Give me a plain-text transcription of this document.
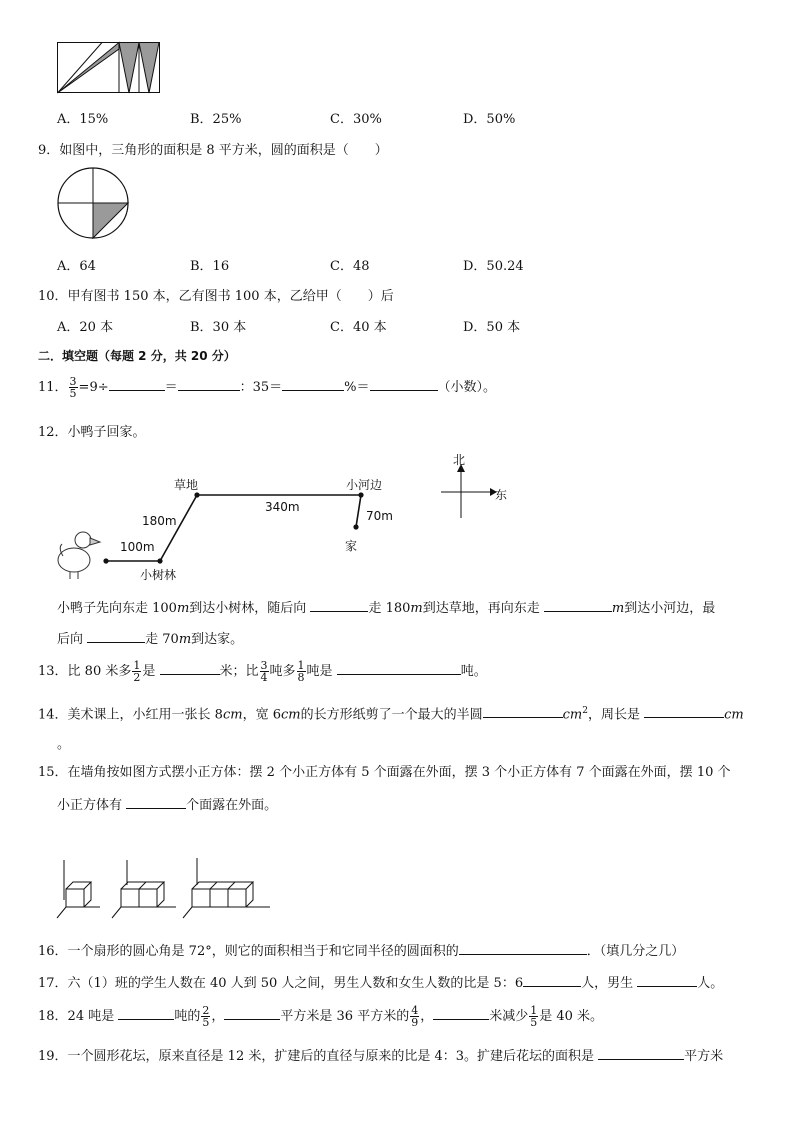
A．15%	B．25%	C．30%	D．50%
9．如图中，三角形的面积是 8 平方米，圆的面积是（　　）
A．64	B．16	C．48	D．50.24
10．甲有图书 150 本，乙有图书 100 本，乙给甲（　　）后
A．20 本	B．30 本	C．40 本	D．50 本
二．填空题（每题 2 分，共 20 分）
11． $\frac{3}{5} =9\div$	＝	：35＝	%＝	（小数）。
12．小鸭子回家。
北
东
草地	小河边
小树林
家
100m
180m
340m
70m
小鸭子先向东走 100m到达小树林，随后向	走 180m到达草地，再向东走	m到达小河边，最
后向	走 70m到达家。
13．比 80 米多 $\frac{1}{2}$ 是	米；比 $\frac{3}{4}$ 吨多 $\frac{1}{8}$ 吨是	吨。
14．美术课上，小红用一张长 8cm，宽 6cm的长方形纸剪了一个最大的半圆	$cm^2$，周长是	cm
。
15．在墙角按如图方式摆小正方体：摆 2 个小正方体有 5 个面露在外面，摆 3 个小正方体有 7 个面露在外面，摆 10 个
小正方体有	个面露在外面。
16．一个扇形的圆心角是 72°，则它的面积相当于和它同半径的圆面积的	．（填几分之几）
17．六（1）班的学生人数在 40 人到 50 人之间，男生人数和女生人数的比是 5：6	人，男生	人。
18．24 吨是	吨的 $\frac{2}{5}$ ，	平方米是 36 平方米的 $\frac{4}{9}$ ，	米减少 $\frac{1}{5}$ 是 40 米。
19．一个圆形花坛，原来直径是 12 米，扩建后的直径与原来的比是 4：3。扩建后花坛的面积是	平方米
